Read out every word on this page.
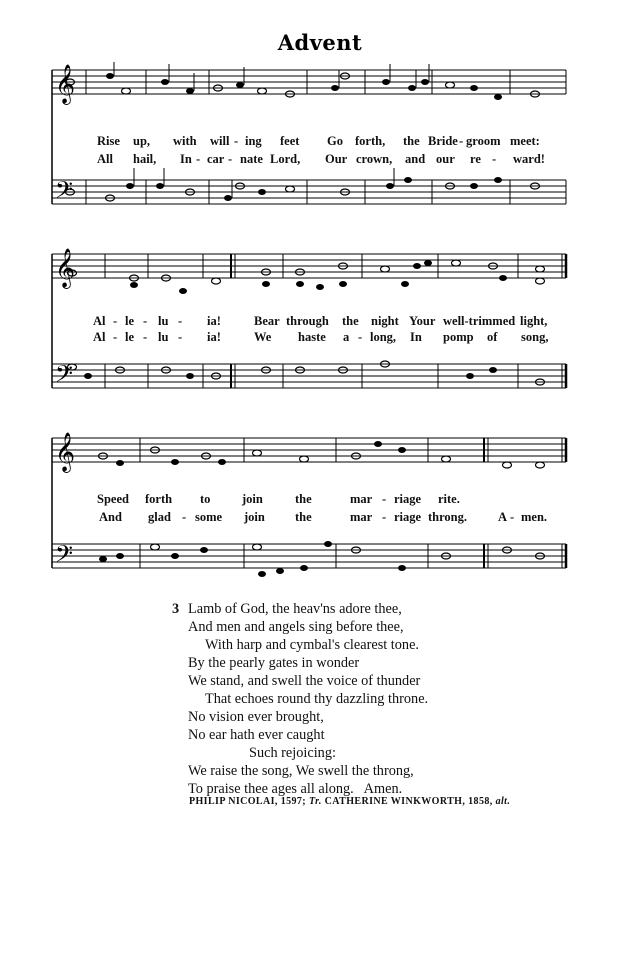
Advent
𝄞
𝄢
Rise up, with will - ing feet Go forth, the Bride - groom meet:
All hail, In - car - nate Lord, Our crown, and our re - ward!
𝄞
𝄢
Al - le - lu - ia!	Bear through the night Your well-trimmed light,
Al - le - lu - ia!	We haste a - long, In pomp of song,
𝄞
𝄢
Speed forth to	join	the	mar - riage rite.
And glad - some join the	mar - riage throng. A - men.
3 Lamb of God, the heav'ns adore thee,
And men and angels sing before thee,
With harp and cymbal's clearest tone.
By the pearly gates in wonder
We stand, and swell the voice of thunder
That echoes round thy dazzling throne.
No vision ever brought,
No ear hath ever caught
Such rejoicing:
We raise the song, We swell the throng,
To praise thee ages all along.   Amen.
PHILIP NICOLAI, 1597; Tr. CATHERINE WINKWORTH, 1858, alt.
